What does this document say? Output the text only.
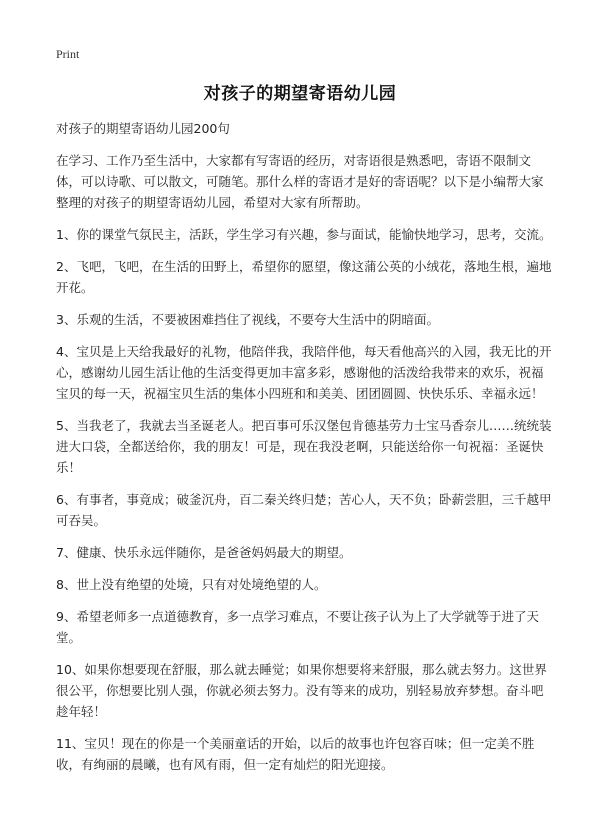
Print
对孩子的期望寄语幼儿园

对孩子的期望寄语幼儿园200句

在学习、工作乃至生活中，大家都有写寄语的经历，对寄语很是熟悉吧，寄语不限制文体，可以诗歌、可以散文，可随笔。那什么样的寄语才是好的寄语呢？以下是小编帮大家整理的对孩子的期望寄语幼儿园，希望对大家有所帮助。

1、你的课堂气氛民主，活跃，学生学习有兴趣，参与面试，能愉快地学习，思考，交流。

2、飞吧，飞吧，在生活的田野上，希望你的愿望，像这蒲公英的小绒花，落地生根，遍地开花。

3、乐观的生活，不要被困难挡住了视线，不要夸大生活中的阴暗面。

4、宝贝是上天给我最好的礼物，他陪伴我，我陪伴他，每天看他高兴的入园，我无比的开心，感谢幼儿园生活让他的生活变得更加丰富多彩，感谢他的活泼给我带来的欢乐，祝福宝贝的每一天，祝福宝贝生活的集体小四班和和美美、团团圆圆、快快乐乐、幸福永远！

5、当我老了，我就去当圣诞老人。把百事可乐汉堡包肯德基劳力士宝马香奈儿……统统装进大口袋，全都送给你，我的朋友！可是，现在我没老啊，只能送给你一句祝福：圣诞快乐！

6、有事者，事竟成；破釜沉舟，百二秦关终归楚；苦心人，天不负；卧薪尝胆，三千越甲可吞吴。

7、健康、快乐永远伴随你，是爸爸妈妈最大的期望。

8、世上没有绝望的处境，只有对处境绝望的人。

9、希望老师多一点道德教育，多一点学习难点，不要让孩子认为上了大学就等于进了天堂。

10、如果你想要现在舒服，那么就去睡觉；如果你想要将来舒服，那么就去努力。这世界很公平，你想要比别人强，你就必须去努力。没有等来的成功，别轻易放弃梦想。奋斗吧趁年轻！

11、宝贝！现在的你是一个美丽童话的开始，以后的故事也许包容百味；但一定美不胜收，有绚丽的晨曦，也有风有雨，但一定有灿烂的阳光迎接。
